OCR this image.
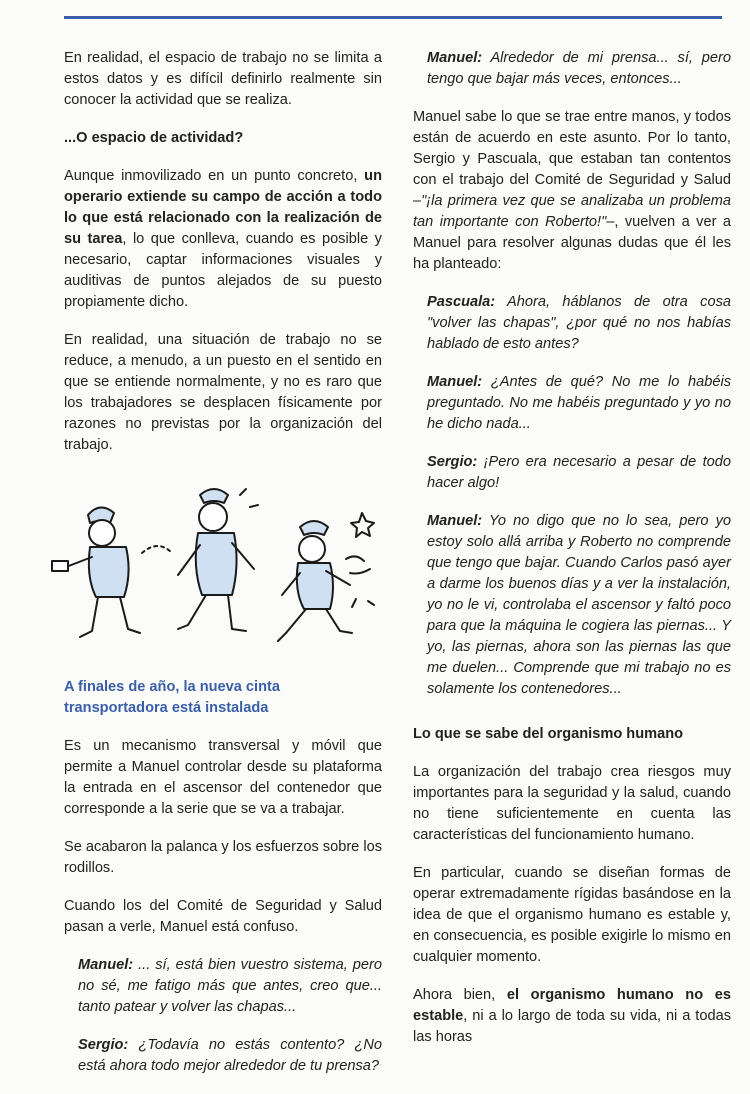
En realidad, el espacio de trabajo no se limita a estos datos y es difícil definirlo realmente sin conocer la actividad que se realiza.

...O espacio de actividad?

Aunque inmovilizado en un punto concreto, un operario extiende su campo de acción a todo lo que está relacionado con la realización de su tarea, lo que conlleva, cuando es posible y necesario, captar informaciones visuales y auditivas de puntos alejados de su puesto propiamente dicho.

En realidad, una situación de trabajo no se reduce, a menudo, a un puesto en el sentido en que se entiende normalmente, y no es raro que los trabajadores se desplacen físicamente por razones no previstas por la organización del trabajo.

A finales de año, la nueva cinta transportadora está instalada

Es un mecanismo transversal y móvil que permite a Manuel controlar desde su plataforma la entrada en el ascensor del contenedor que corresponde a la serie que se va a trabajar.

Se acabaron la palanca y los esfuerzos sobre los rodillos.

Cuando los del Comité de Seguridad y Salud pasan a verle, Manuel está confuso.

Manuel: ... sí, está bien vuestro sistema, pero no sé, me fatigo más que antes, creo que... tanto patear y volver las chapas...
Sergio: ¿Todavía no estás contento? ¿No está ahora todo mejor alrededor de tu prensa?
Manuel: Alrededor de mi prensa... sí, pero tengo que bajar más veces, entonces...

Manuel sabe lo que se trae entre manos, y todos están de acuerdo en este asunto. Por lo tanto, Sergio y Pascuala, que estaban tan contentos con el trabajo del Comité de Seguridad y Salud –"¡la primera vez que se analizaba un problema tan importante con Roberto!"–, vuelven a ver a Manuel para resolver algunas dudas que él les ha planteado:

Pascuala: Ahora, háblanos de otra cosa "volver las chapas", ¿por qué no nos habías hablado de esto antes?
Manuel: ¿Antes de qué? No me lo habéis preguntado. No me habéis preguntado y yo no he dicho nada...
Sergio: ¡Pero era necesario a pesar de todo hacer algo!
Manuel: Yo no digo que no lo sea, pero yo estoy solo allá arriba y Roberto no comprende que tengo que bajar. Cuando Carlos pasó ayer a darme los buenos días y a ver la instalación, yo no le vi, controlaba el ascensor y faltó poco para que la máquina le cogiera las piernas... Y yo, las piernas, ahora son las piernas las que me duelen... Comprende que mi trabajo no es solamente los contenedores...
Lo que se sabe del organismo humano

La organización del trabajo crea riesgos muy importantes para la seguridad y la salud, cuando no tiene suficientemente en cuenta las características del funcionamiento humano.

En particular, cuando se diseñan formas de operar extremadamente rígidas basándose en la idea de que el organismo humano es estable y, en consecuencia, es posible exigirle lo mismo en cualquier momento.

Ahora bien, el organismo humano no es estable, ni a lo largo de toda su vida, ni a todas las horas
